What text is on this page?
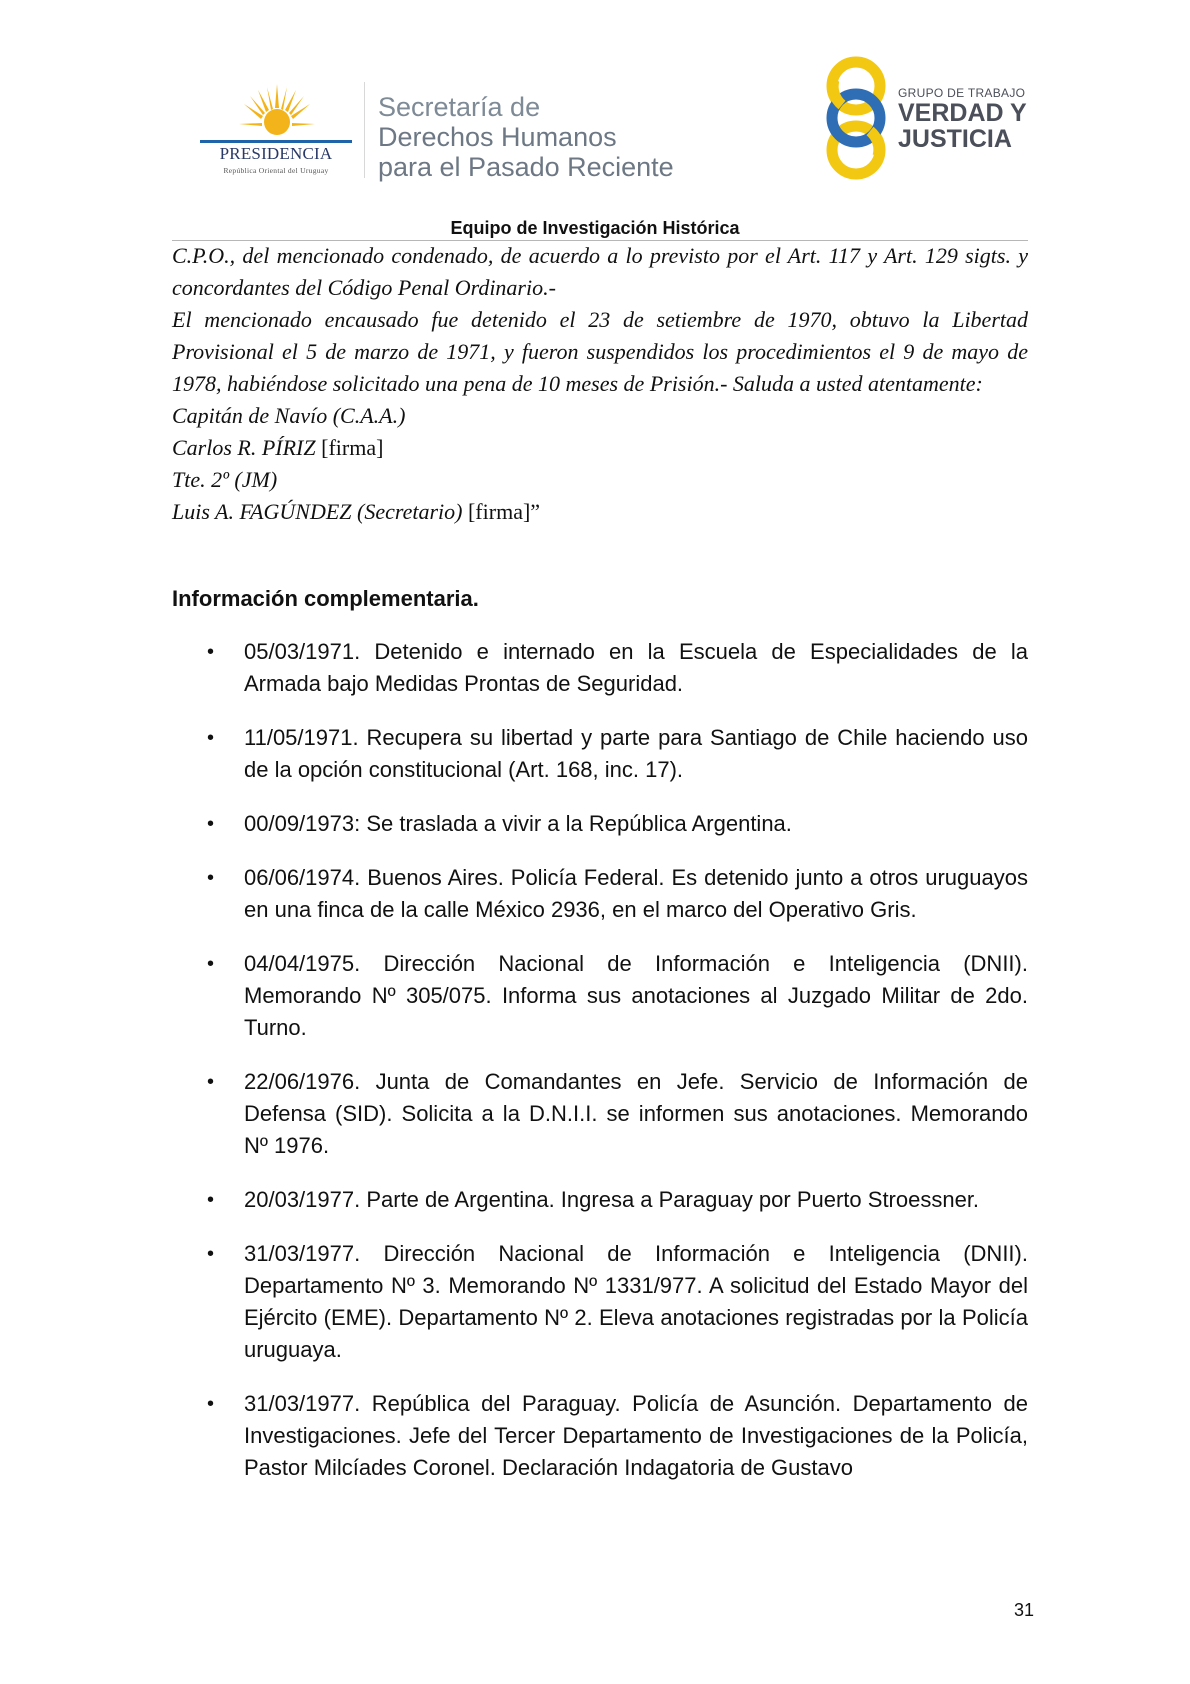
PRESIDENCIA
República Oriental del Uruguay
Secretaría de
Derechos Humanos
para el Pasado Reciente
GRUPO DE TRABAJO
VERDAD Y
JUSTICIA
Equipo de Investigación Histórica

C.P.O., del mencionado condenado, de acuerdo a lo previsto por el Art. 117 y Art. 129 sigts. y concordantes del Código Penal Ordinario.-

El mencionado encausado fue detenido el 23 de setiembre de 1970, obtuvo la Libertad Provisional el 5 de marzo de 1971, y fueron suspendidos los procedimientos el 9 de mayo de 1978, habiéndose solicitado una pena de 10 meses de Prisión.- Saluda a usted atentamente:

Capitán de Navío (C.A.A.)

Carlos R. PÍRIZ [firma]

Tte. 2º (JM)

Luis A. FAGÚNDEZ (Secretario) [firma]”

Información complementaria.
• 05/03/1971. Detenido e internado en la Escuela de Especialidades de la Armada bajo Medidas Prontas de Seguridad.
• 11/05/1971. Recupera su libertad y parte para Santiago de Chile haciendo uso de la opción constitucional (Art. 168, inc. 17).
• 00/09/1973: Se traslada a vivir a la República Argentina.
• 06/06/1974. Buenos Aires. Policía Federal. Es detenido junto a otros uruguayos en una finca de la calle México 2936, en el marco del Operativo Gris.
• 04/04/1975. Dirección Nacional de Información e Inteligencia (DNII). Memorando Nº 305/075. Informa sus anotaciones al Juzgado Militar de 2do. Turno.
• 22/06/1976. Junta de Comandantes en Jefe. Servicio de Información de Defensa (SID). Solicita a la D.N.I.I. se informen sus anotaciones. Memorando Nº 1976.
• 20/03/1977. Parte de Argentina. Ingresa a Paraguay por Puerto Stroessner.
• 31/03/1977. Dirección Nacional de Información e Inteligencia (DNII). Departamento Nº 3. Memorando Nº 1331/977. A solicitud del Estado Mayor del Ejército (EME). Departamento Nº 2. Eleva anotaciones registradas por la Policía uruguaya.
• 31/03/1977. República del Paraguay. Policía de Asunción. Departamento de Investigaciones. Jefe del Tercer Departamento de Investigaciones de la Policía, Pastor Milcíades Coronel. Declaración Indagatoria de Gustavo
31
